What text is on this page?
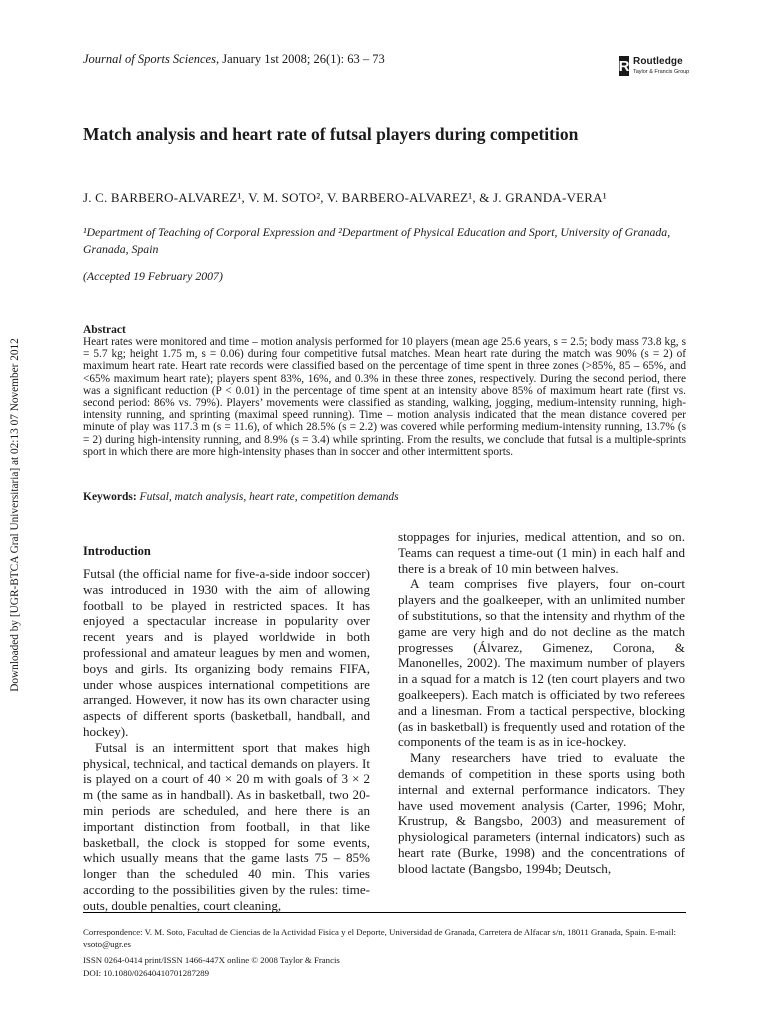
Journal of Sports Sciences, January 1st 2008; 26(1): 63 – 73	R Routledge
Taylor & Francis Group
Match analysis and heart rate of futsal players during competition
J. C. BARBERO-ALVAREZ¹, V. M. SOTO², V. BARBERO-ALVAREZ¹, & J. GRANDA-VERA¹
¹Department of Teaching of Corporal Expression and ²Department of Physical Education and Sport, University of Granada, Granada, Spain
(Accepted 19 February 2007)
Abstract
Heart rates were monitored and time – motion analysis performed for 10 players (mean age 25.6 years, s = 2.5; body mass 73.8 kg, s = 5.7 kg; height 1.75 m, s = 0.06) during four competitive futsal matches. Mean heart rate during the match was 90% (s = 2) of maximum heart rate. Heart rate records were classified based on the percentage of time spent in three zones (>85%, 85 – 65%, and <65% maximum heart rate); players spent 83%, 16%, and 0.3% in these three zones, respectively. During the second period, there was a significant reduction (P < 0.01) in the percentage of time spent at an intensity above 85% of maximum heart rate (first vs. second period: 86% vs. 79%). Players’ movements were classified as standing, walking, jogging, medium-intensity running, high-intensity running, and sprinting (maximal speed running). Time – motion analysis indicated that the mean distance covered per minute of play was 117.3 m (s = 11.6), of which 28.5% (s = 2.2) was covered while performing medium-intensity running, 13.7% (s = 2) during high-intensity running, and 8.9% (s = 3.4) while sprinting. From the results, we conclude that futsal is a multiple-sprints sport in which there are more high-intensity phases than in soccer and other intermittent sports.
Keywords: Futsal, match analysis, heart rate, competition demands
Introduction

Futsal (the official name for five-a-side indoor soccer) was introduced in 1930 with the aim of allowing football to be played in restricted spaces. It has enjoyed a spectacular increase in popularity over recent years and is played worldwide in both professional and amateur leagues by men and women, boys and girls. Its organizing body remains FIFA, under whose auspices international competitions are arranged. However, it now has its own character using aspects of different sports (basketball, handball, and hockey).

Futsal is an intermittent sport that makes high physical, technical, and tactical demands on players. It is played on a court of 40 × 20 m with goals of 3 × 2 m (the same as in handball). As in basketball, two 20-min periods are scheduled, and here there is an important distinction from football, in that like basketball, the clock is stopped for some events, which usually means that the game lasts 75 – 85% longer than the scheduled 40 min. This varies according to the possibilities given by the rules: time-outs, double penalties, court cleaning,

stoppages for injuries, medical attention, and so on. Teams can request a time-out (1 min) in each half and there is a break of 10 min between halves.

A team comprises five players, four on-court players and the goalkeeper, with an unlimited number of substitutions, so that the intensity and rhythm of the game are very high and do not decline as the match progresses (Álvarez, Gimenez, Corona, & Manonelles, 2002). The maximum number of players in a squad for a match is 12 (ten court players and two goalkeepers). Each match is officiated by two referees and a linesman. From a tactical perspective, blocking (as in basketball) is frequently used and rotation of the components of the team is as in ice-hockey.

Many researchers have tried to evaluate the demands of competition in these sports using both internal and external performance indicators. They have used movement analysis (Carter, 1996; Mohr, Krustrup, & Bangsbo, 2003) and measurement of physiological parameters (internal indicators) such as heart rate (Burke, 1998) and the concentrations of blood lactate (Bangsbo, 1994b; Deutsch,

Correspondence: V. M. Soto, Facultad de Ciencias de la Actividad Fisica y el Deporte, Universidad de Granada, Carretera de Alfacar s/n, 18011 Granada, Spain. E-mail: vsoto@ugr.es
ISSN 0264-0414 print/ISSN 1466-447X online © 2008 Taylor & Francis
DOI: 10.1080/02640410701287289
Downloaded by [UGR-BTCA Gral Universitaria] at 02:13 07 November 2012
